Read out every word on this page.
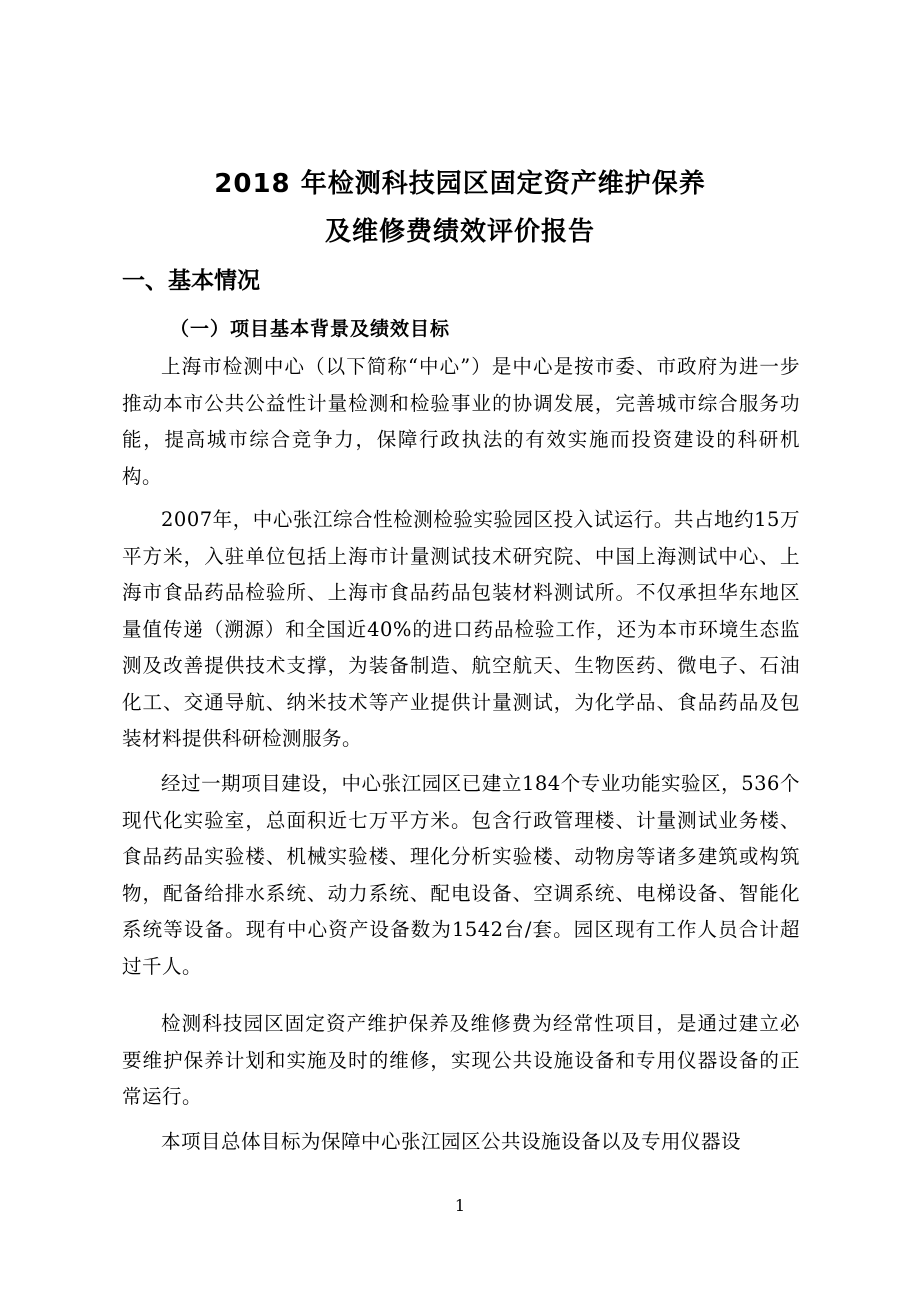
2018 年检测科技园区固定资产维护保养
及维修费绩效评价报告
一、基本情况
（一）项目基本背景及绩效目标
上海市检测中心（以下简称“中心”）是中心是按市委、市政府为进一步推动本市公共公益性计量检测和检验事业的协调发展，完善城市综合服务功能，提高城市综合竞争力，保障行政执法的有效实施而投资建设的科研机构。
2007年，中心张江综合性检测检验实验园区投入试运行。共占地约15万平方米，入驻单位包括上海市计量测试技术研究院、中国上海测试中心、上海市食品药品检验所、上海市食品药品包装材料测试所。不仅承担华东地区量值传递（溯源）和全国近40%的进口药品检验工作，还为本市环境生态监测及改善提供技术支撑，为装备制造、航空航天、生物医药、微电子、石油化工、交通导航、纳米技术等产业提供计量测试，为化学品、食品药品及包装材料提供科研检测服务。
经过一期项目建设，中心张江园区已建立184个专业功能实验区，536个现代化实验室，总面积近七万平方米。包含行政管理楼、计量测试业务楼、食品药品实验楼、机械实验楼、理化分析实验楼、动物房等诸多建筑或构筑物，配备给排水系统、动力系统、配电设备、空调系统、电梯设备、智能化系统等设备。现有中心资产设备数为1542台/套。园区现有工作人员合计超过千人。
检测科技园区固定资产维护保养及维修费为经常性项目，是通过建立必要维护保养计划和实施及时的维修，实现公共设施设备和专用仪器设备的正常运行。
本项目总体目标为保障中心张江园区公共设施设备以及专用仪器设
1
